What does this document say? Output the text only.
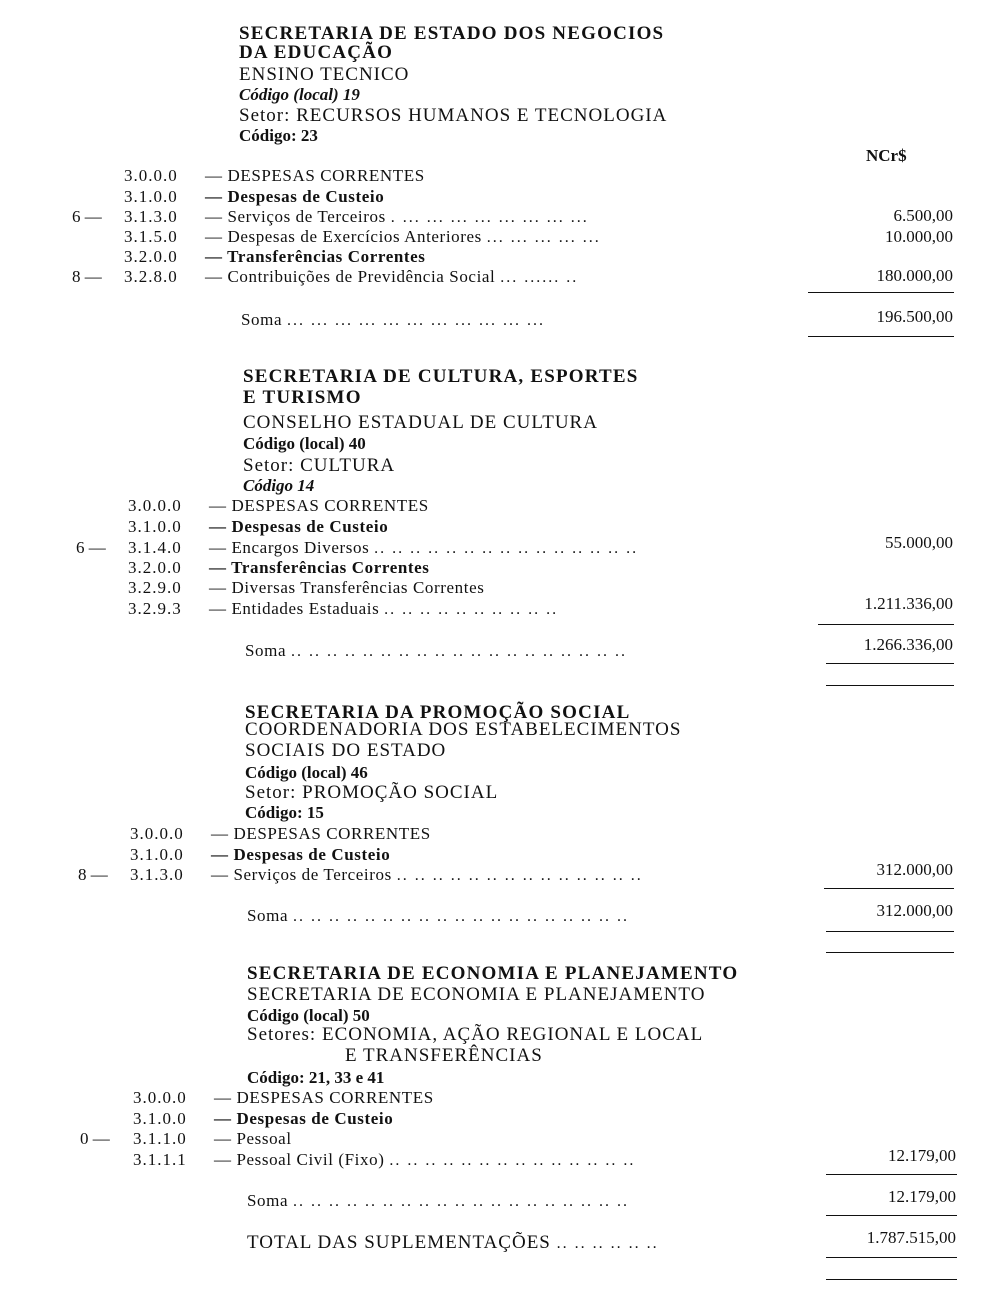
SECRETARIA DE ESTADO DOS NEGOCIOS
DA EDUCAÇÃO
ENSINO TECNICO
Código (local) 19
Setor: RECURSOS HUMANOS E TECNOLOGIA
Código: 23
NCr$
3.0.0.0 — DESPESAS CORRENTES
3.1.0.0 — Despesas de Custeio
6 — 3.1.3.0 — Serviços de Terceiros . ... ... ... ... ... ... ... ...	6.500,00
3.1.5.0 — Despesas de Exercícios Anteriores ... ... ... ... ...	10.000,00
3.2.0.0 — Transferências Correntes
8 — 3.2.8.0 — Contribuições de Previdência Social ... ...... ..	180.000,00
Soma ... ... ... ... ... ... ... ... ... ... ...	196.500,00
SECRETARIA DE CULTURA, ESPORTES
E TURISMO
CONSELHO ESTADUAL DE CULTURA
Código (local) 40
Setor: CULTURA
Código 14
3.0.0.0 — DESPESAS CORRENTES
3.1.0.0 — Despesas de Custeio
6 — 3.1.4.0 — Encargos Diversos .. .. .. .. .. .. .. .. .. .. .. .. .. .. ..	55.000,00
3.2.0.0 — Transferências Correntes
3.2.9.0 — Diversas Transferências Correntes
3.2.9.3 — Entidades Estaduais .. .. .. .. .. .. .. .. .. ..	1.211.336,00
Soma .. .. .. .. .. .. .. .. .. .. .. .. .. .. .. .. .. .. ..	1.266.336,00
SECRETARIA DA PROMOÇÃO SOCIAL
COORDENADORIA DOS ESTABELECIMENTOS
SOCIAIS DO ESTADO
Código (local) 46
Setor: PROMOÇÃO SOCIAL
Código: 15
3.0.0.0 — DESPESAS CORRENTES
3.1.0.0 — Despesas de Custeio
8 — 3.1.3.0 — Serviços de Terceiros .. .. .. .. .. .. .. .. .. .. .. .. .. ..	312.000,00
Soma .. .. .. .. .. .. .. .. .. .. .. .. .. .. .. .. .. .. ..	312.000,00
SECRETARIA DE ECONOMIA E PLANEJAMENTO
SECRETARIA DE ECONOMIA E PLANEJAMENTO
Código (local) 50
Setores: ECONOMIA, AÇÃO REGIONAL E LOCAL
E TRANSFERÊNCIAS
Código: 21, 33 e 41
3.0.0.0 — DESPESAS CORRENTES
3.1.0.0 — Despesas de Custeio
0 — 3.1.1.0 — Pessoal
3.1.1.1 — Pessoal Civil (Fixo) .. .. .. .. .. .. .. .. .. .. .. .. .. ..	12.179,00
Soma .. .. .. .. .. .. .. .. .. .. .. .. .. .. .. .. .. .. ..	12.179,00
TOTAL DAS SUPLEMENTAÇÕES .. .. .. .. .. ..	1.787.515,00
